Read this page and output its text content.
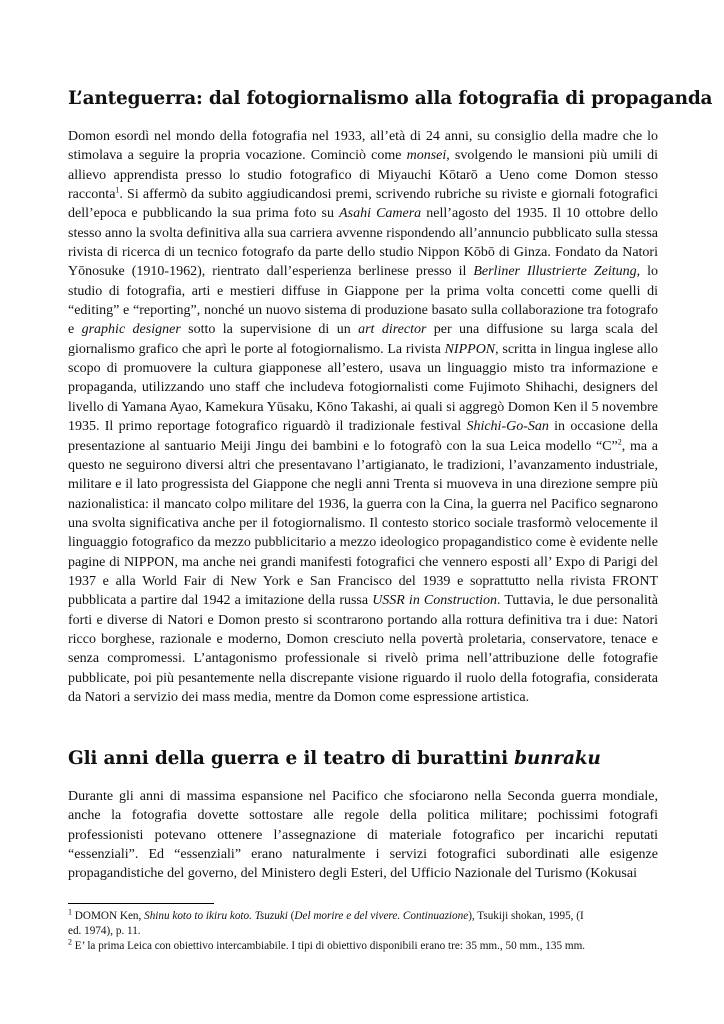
L’anteguerra: dal fotogiornalismo alla fotografia di propaganda

Domon esordì nel mondo della fotografia nel 1933, all’età di 24 anni, su consiglio della madre che lo stimolava a seguire la propria vocazione. Cominciò come monsei, svolgendo le mansioni più umili di allievo apprendista presso lo studio fotografico di Miyauchi Kōtarō a Ueno come Domon stesso racconta$^1$. Si affermò da subito aggiudicandosi premi, scrivendo rubriche su riviste e giornali fotografici dell’epoca e pubblicando la sua prima foto su Asahi Camera nell’agosto del 1935. Il 10 ottobre dello stesso anno la svolta definitiva alla sua carriera avvenne rispondendo all’annuncio pubblicato sulla stessa rivista di ricerca di un tecnico fotografo da parte dello studio Nippon Kōbō di Ginza. Fondato da Natori Yōnosuke (1910-1962), rientrato dall’esperienza berlinese presso il Berliner Illustrierte Zeitung, lo studio di fotografia, arti e mestieri diffuse in Giappone per la prima volta concetti come quelli di “editing” e “reporting”, nonché un nuovo sistema di produzione basato sulla collaborazione tra fotografo e graphic designer sotto la supervisione di un art director per una diffusione su larga scala del giornalismo grafico che aprì le porte al fotogiornalismo. La rivista NIPPON, scritta in lingua inglese allo scopo di promuovere la cultura giapponese all’estero, usava un linguaggio misto tra informazione e propaganda, utilizzando uno staff che includeva fotogiornalisti come Fujimoto Shihachi, designers del livello di Yamana Ayao, Kamekura Yūsaku, Kōno Takashi, ai quali si aggregò Domon Ken il 5 novembre 1935. Il primo reportage fotografico riguardò il tradizionale festival Shichi-Go-San in occasione della presentazione al santuario Meiji Jingu dei bambini e lo fotografò con la sua Leica modello “C”$^2$, ma a questo ne seguirono diversi altri che presentavano l’artigianato, le tradizioni, l’avanzamento industriale, militare e il lato progressista del Giappone che negli anni Trenta si muoveva in una direzione sempre più nazionalistica: il mancato colpo militare del 1936, la guerra con la Cina, la guerra nel Pacifico segnarono una svolta significativa anche per il fotogiornalismo. Il contesto storico sociale trasformò velocemente il linguaggio fotografico da mezzo pubblicitario a mezzo ideologico propagandistico come è evidente nelle pagine di NIPPON, ma anche nei grandi manifesti fotografici che vennero esposti all’ Expo di Parigi del 1937 e alla World Fair di New York e San Francisco del 1939 e soprattutto nella rivista FRONT pubblicata a partire dal 1942 a imitazione della russa USSR in Construction. Tuttavia, le due personalità forti e diverse di Natori e Domon presto si scontrarono portando alla rottura definitiva tra i due: Natori ricco borghese, razionale e moderno, Domon cresciuto nella povertà proletaria, conservatore, tenace e senza compromessi. L’antagonismo professionale si rivelò prima nell’attribuzione delle fotografie pubblicate, poi più pesantemente nella discrepante visione riguardo il ruolo della fotografia, considerata da Natori a servizio dei mass media, mentre da Domon come espressione artistica.

Gli anni della guerra e il teatro di burattini bunraku

Durante gli anni di massima espansione nel Pacifico che sfociarono nella Seconda guerra mondiale, anche la fotografia dovette sottostare alle regole della politica militare; pochissimi fotografi professionisti potevano ottenere l’assegnazione di materiale fotografico per incarichi reputati “essenziali”. Ed “essenziali” erano naturalmente i servizi fotografici subordinati alle esigenze propagandistiche del governo, del Ministero degli Esteri, del Ufficio Nazionale del Turismo (Kokusai

$^1$ DOMON Ken, Shinu koto to ikiru koto. Tsuzuki (Del morire e del vivere. Continuazione), Tsukiji shokan, 1995, (I
ed. 1974), p. 11.

$^2$ E’ la prima Leica con obiettivo intercambiabile. I tipi di obiettivo disponibili erano tre: 35 mm., 50 mm., 135 mm.
